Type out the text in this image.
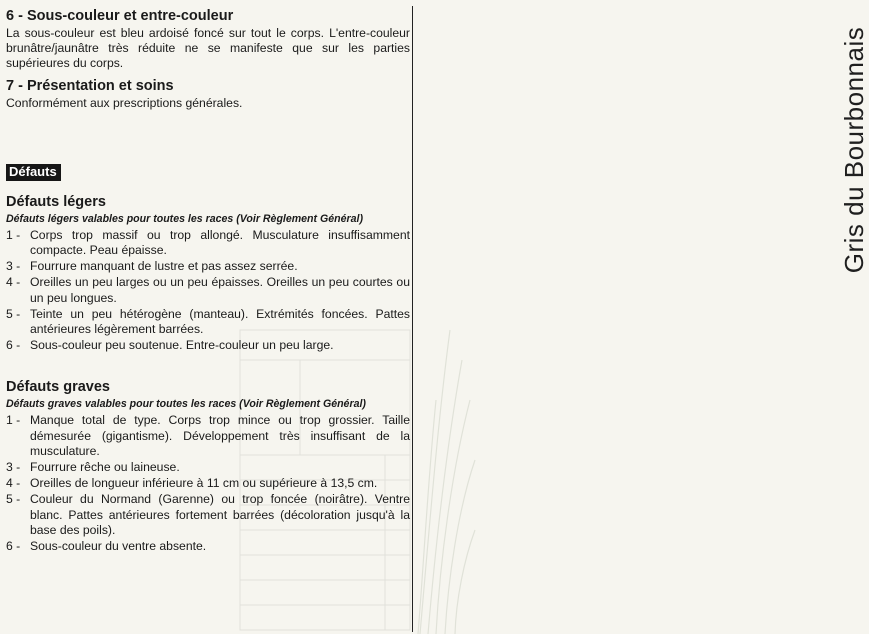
Gris du Bourbonnais
6 - Sous-couleur et entre-couleur

La sous-couleur est bleu ardoisé foncé sur tout le corps. L'entre-couleur brunâtre/jaunâtre très réduite ne se manifeste que sur les parties supérieures du corps.

7 - Présentation et soins

Conformément aux prescriptions générales.

Défauts
Défauts légers
Défauts légers valables pour toutes les races (Voir Règlement Général)
1 - Corps trop massif ou trop allongé. Musculature insuffisamment compacte. Peau épaisse.
3 - Fourrure manquant de lustre et pas assez serrée.
4 - Oreilles un peu larges ou un peu épaisses. Oreilles un peu courtes ou un peu longues.
5 - Teinte un peu hétérogène (manteau). Extrémités foncées. Pattes antérieures légèrement barrées.
6 - Sous-couleur peu soutenue. Entre-couleur un peu large.
Défauts graves
Défauts graves valables pour toutes les races (Voir Règlement Général)
1 - Manque total de type. Corps trop mince ou trop grossier. Taille démesurée (gigantisme). Développement très insuffisant de la musculature.
3 - Fourrure rêche ou laineuse.
4 - Oreilles de longueur inférieure à 11 cm ou supérieure à 13,5 cm.
5 - Couleur du Normand (Garenne) ou trop foncée (noirâtre). Ventre blanc. Pattes antérieures fortement barrées (décoloration jusqu'à la base des poils).
6 - Sous-couleur du ventre absente.
